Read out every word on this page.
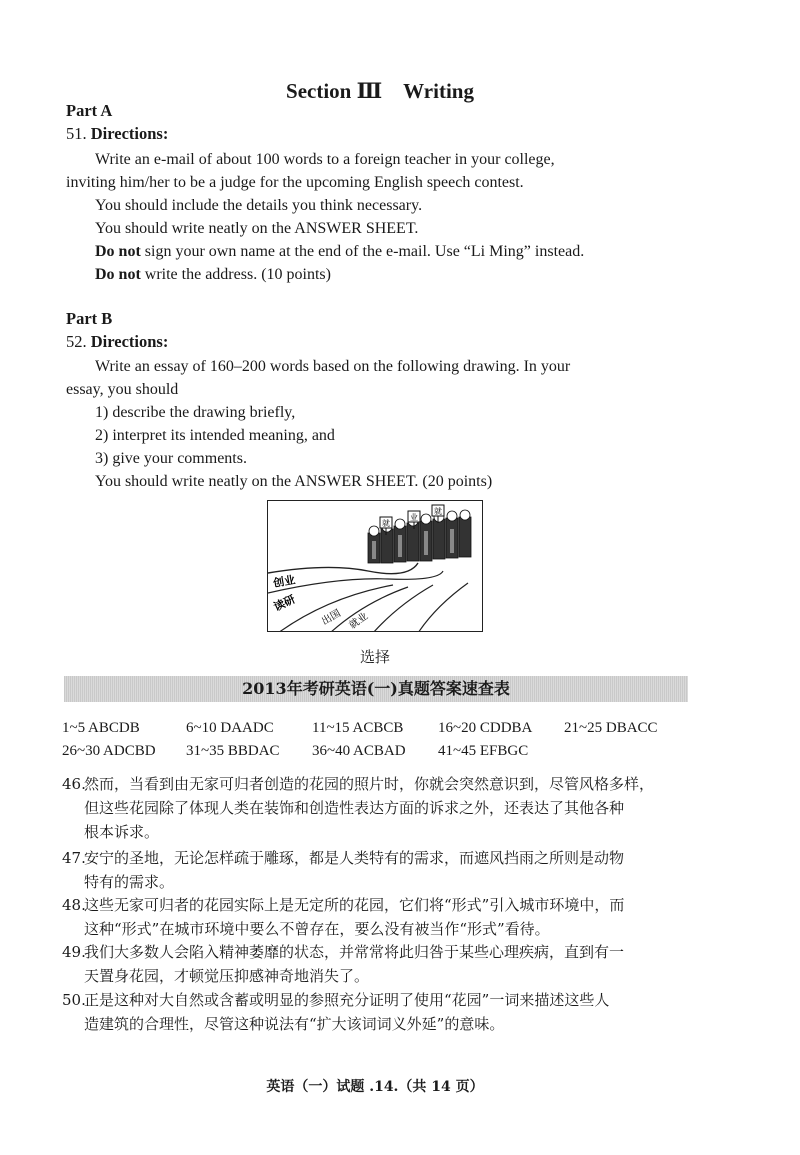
Section Ⅲ Writing
Part A
51. Directions:
Write an e-mail of about 100 words to a foreign teacher in your college,
inviting him/her to be a judge for the upcoming English speech contest.
You should include the details you think necessary.
You should write neatly on the ANSWER SHEET.
Do not sign your own name at the end of the e-mail. Use “Li Ming” instead.
Do not write the address. (10 points)
Part B
52. Directions:
Write an essay of 160–200 words based on the following drawing. In your
essay, you should
1) describe the drawing briefly,
2) interpret its intended meaning, and
3) give your comments.
You should write neatly on the ANSWER SHEET. (20 points)
就
业
就
创业
读研
出国 就业
选择
2013年考研英语(一)真题答案速查表
1~5 ABCDB	6~10 DAADC	11~15 ACBCB 16~20 CDDBA 21~25 DBACC
26~30 ADCBD 31~35 BBDAC 36~40 ACBAD 41~45 EFBGC
46.
然而，当看到由无家可归者创造的花园的照片时，你就会突然意识到，尽管风格多样，
但这些花园除了体现人类在装饰和创造性表达方面的诉求之外，还表达了其他各种
根本诉求。
47.
安宁的圣地，无论怎样疏于雕琢，都是人类特有的需求，而遮风挡雨之所则是动物
特有的需求。
48.
这些无家可归者的花园实际上是无定所的花园，它们将“形式”引入城市环境中，而
这种“形式”在城市环境中要么不曾存在，要么没有被当作“形式”看待。
49.
我们大多数人会陷入精神萎靡的状态，并常常将此归咎于某些心理疾病，直到有一
天置身花园，才顿觉压抑感神奇地消失了。
50.
正是这种对大自然或含蓄或明显的参照充分证明了使用“花园”一词来描述这些人
造建筑的合理性，尽管这种说法有“扩大该词词义外延”的意味。
英语（一）试题 .14.（共 14 页）
